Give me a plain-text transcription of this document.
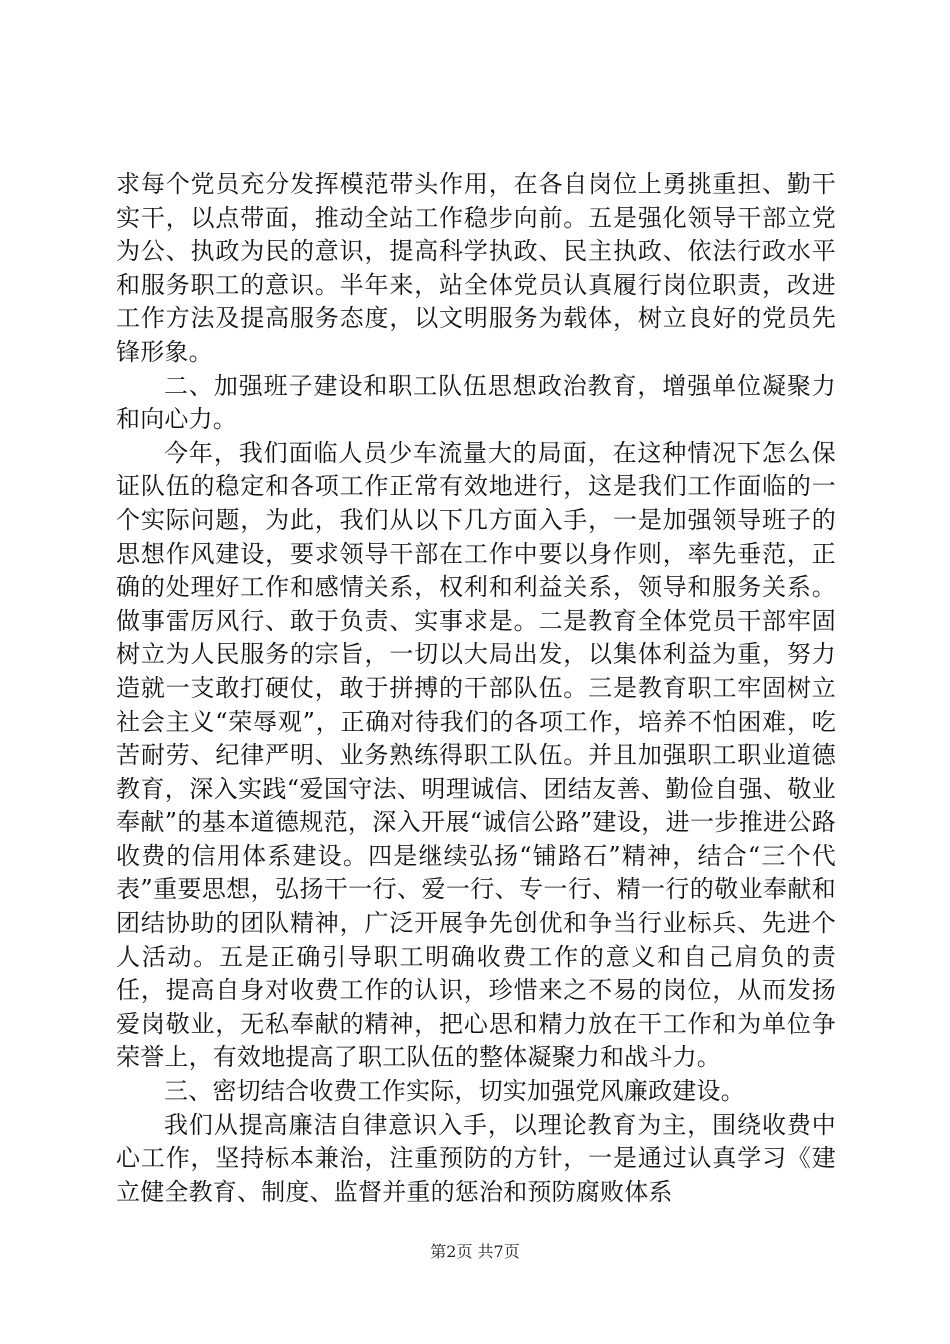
求每个党员充分发挥模范带头作用，在各自岗位上勇挑重担、勤干实干，以点带面，推动全站工作稳步向前。五是强化领导干部立党为公、执政为民的意识，提高科学执政、民主执政、依法行政水平和服务职工的意识。半年来，站全体党员认真履行岗位职责，改进工作方法及提高服务态度，以文明服务为载体，树立良好的党员先锋形象。

二、加强班子建设和职工队伍思想政治教育，增强单位凝聚力和向心力。

今年，我们面临人员少车流量大的局面，在这种情况下怎么保证队伍的稳定和各项工作正常有效地进行，这是我们工作面临的一个实际问题，为此，我们从以下几方面入手，一是加强领导班子的思想作风建设，要求领导干部在工作中要以身作则，率先垂范，正确的处理好工作和感情关系，权利和利益关系，领导和服务关系。做事雷厉风行、敢于负责、实事求是。二是教育全体党员干部牢固树立为人民服务的宗旨，一切以大局出发，以集体利益为重，努力造就一支敢打硬仗，敢于拼搏的干部队伍。三是教育职工牢固树立社会主义“荣辱观”，正确对待我们的各项工作，培养不怕困难，吃苦耐劳、纪律严明、业务熟练得职工队伍。并且加强职工职业道德教育，深入实践“爱国守法、明理诚信、团结友善、勤俭自强、敬业奉献”的基本道德规范，深入开展“诚信公路”建设，进一步推进公路收费的信用体系建设。四是继续弘扬“铺路石”精神，结合“三个代表”重要思想，弘扬干一行、爱一行、专一行、精一行的敬业奉献和团结协助的团队精神，广泛开展争先创优和争当行业标兵、先进个人活动。五是正确引导职工明确收费工作的意义和自己肩负的责任，提高自身对收费工作的认识，珍惜来之不易的岗位，从而发扬爱岗敬业，无私奉献的精神，把心思和精力放在干工作和为单位争荣誉上，有效地提高了职工队伍的整体凝聚力和战斗力。

三、密切结合收费工作实际，切实加强党风廉政建设。

我们从提高廉洁自律意识入手，以理论教育为主，围绕收费中心工作，坚持标本兼治，注重预防的方针，一是通过认真学习《建立健全教育、制度、监督并重的惩治和预防腐败体系

第2页 共7页
